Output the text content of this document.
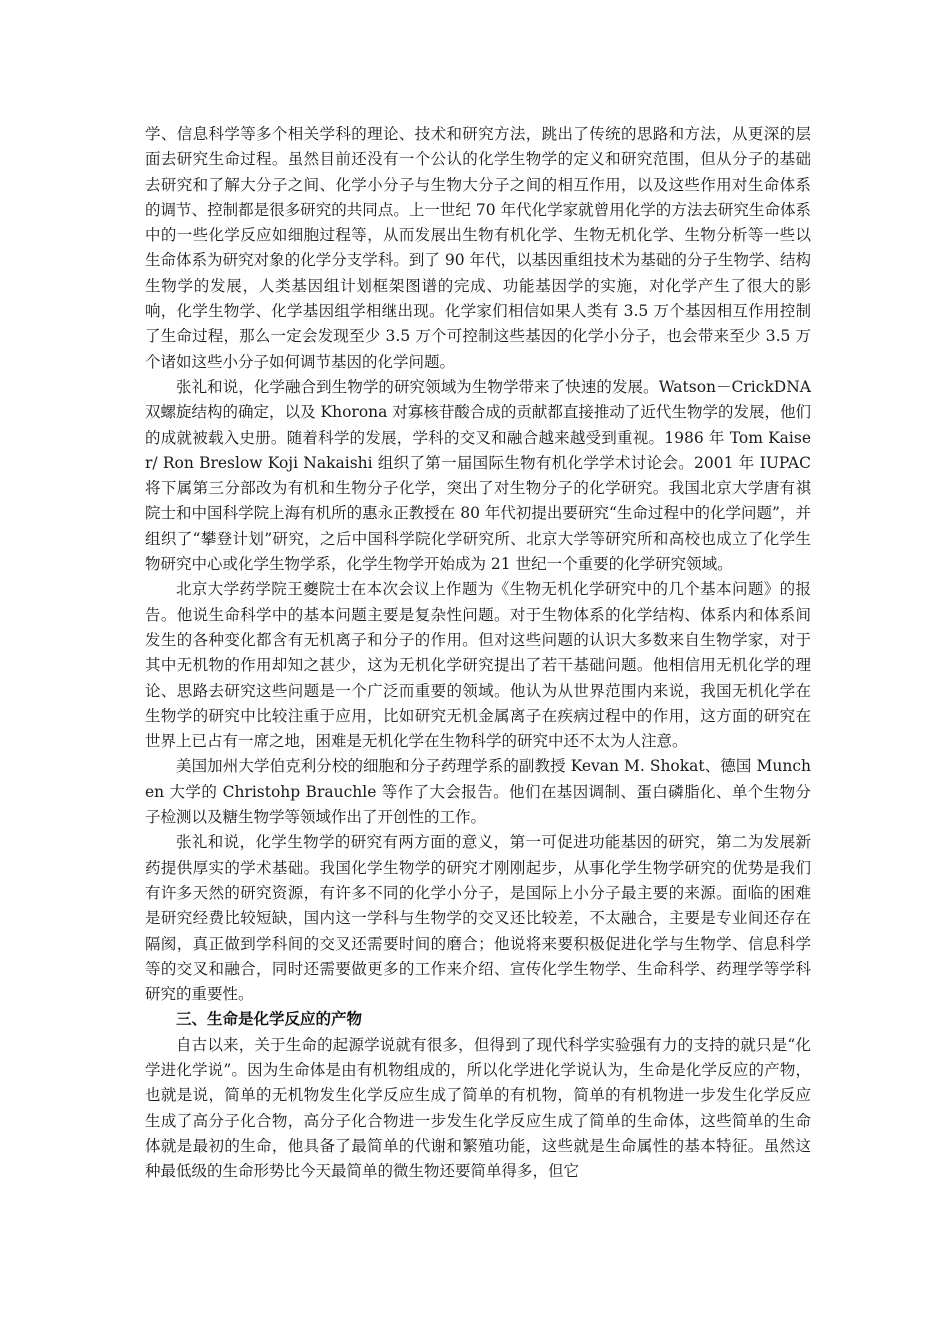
学、信息科学等多个相关学科的理论、技术和研究方法，跳出了传统的思路和方法，从更深的层面去研究生命过程。虽然目前还没有一个公认的化学生物学的定义和研究范围，但从分子的基础去研究和了解大分子之间、化学小分子与生物大分子之间的相互作用，以及这些作用对生命体系的调节、控制都是很多研究的共同点。上一世纪 70 年代化学家就曾用化学的方法去研究生命体系中的一些化学反应如细胞过程等，从而发展出生物有机化学、生物无机化学、生物分析等一些以生命体系为研究对象的化学分支学科。到了 90 年代，以基因重组技术为基础的分子生物学、结构生物学的发展，人类基因组计划框架图谱的完成、功能基因学的实施，对化学产生了很大的影响，化学生物学、化学基因组学相继出现。化学家们相信如果人类有 3.5 万个基因相互作用控制了生命过程，那么一定会发现至少 3.5 万个可控制这些基因的化学小分子，也会带来至少 3.5 万个诸如这些小分子如何调节基因的化学问题。

张礼和说，化学融合到生物学的研究领域为生物学带来了快速的发展。Watson－CrickDNA 双螺旋结构的确定，以及 Khorona 对寡核苷酸合成的贡献都直接推动了近代生物学的发展，他们的成就被载入史册。随着科学的发展，学科的交叉和融合越来越受到重视。1986 年 Tom Kaiser/ Ron Breslow Koji Nakaishi 组织了第一届国际生物有机化学学术讨论会。2001 年 IUPAC 将下属第三分部改为有机和生物分子化学，突出了对生物分子的化学研究。我国北京大学唐有祺院士和中国科学院上海有机所的惠永正教授在 80 年代初提出要研究“生命过程中的化学问题”，并组织了“攀登计划”研究，之后中国科学院化学研究所、北京大学等研究所和高校也成立了化学生物研究中心或化学生物学系，化学生物学开始成为 21 世纪一个重要的化学研究领域。

北京大学药学院王夔院士在本次会议上作题为《生物无机化学研究中的几个基本问题》的报告。他说生命科学中的基本问题主要是复杂性问题。对于生物体系的化学结构、体系内和体系间发生的各种变化都含有无机离子和分子的作用。但对这些问题的认识大多数来自生物学家，对于其中无机物的作用却知之甚少，这为无机化学研究提出了若干基础问题。他相信用无机化学的理论、思路去研究这些问题是一个广泛而重要的领域。他认为从世界范围内来说，我国无机化学在生物学的研究中比较注重于应用，比如研究无机金属离子在疾病过程中的作用，这方面的研究在世界上已占有一席之地，困难是无机化学在生物科学的研究中还不太为人注意。

美国加州大学伯克利分校的细胞和分子药理学系的副教授 Kevan M. Shokat、德国 Munchen 大学的 Christohp Brauchle 等作了大会报告。他们在基因调制、蛋白磷脂化、单个生物分子检测以及糖生物学等领域作出了开创性的工作。

张礼和说，化学生物学的研究有两方面的意义，第一可促进功能基因的研究，第二为发展新药提供厚实的学术基础。我国化学生物学的研究才刚刚起步，从事化学生物学研究的优势是我们有许多天然的研究资源，有许多不同的化学小分子，是国际上小分子最主要的来源。面临的困难是研究经费比较短缺，国内这一学科与生物学的交叉还比较差，不太融合，主要是专业间还存在隔阂，真正做到学科间的交叉还需要时间的磨合；他说将来要积极促进化学与生物学、信息科学等的交叉和融合，同时还需要做更多的工作来介绍、宣传化学生物学、生命科学、药理学等学科研究的重要性。

三、生命是化学反应的产物

自古以来，关于生命的起源学说就有很多，但得到了现代科学实验强有力的支持的就只是“化学进化学说”。因为生命体是由有机物组成的，所以化学进化学说认为，生命是化学反应的产物，也就是说，简单的无机物发生化学反应生成了简单的有机物，简单的有机物进一步发生化学反应生成了高分子化合物，高分子化合物进一步发生化学反应生成了简单的生命体，这些简单的生命体就是最初的生命，他具备了最简单的代谢和繁殖功能，这些就是生命属性的基本特征。虽然这种最低级的生命形势比今天最简单的微生物还要简单得多，但它
